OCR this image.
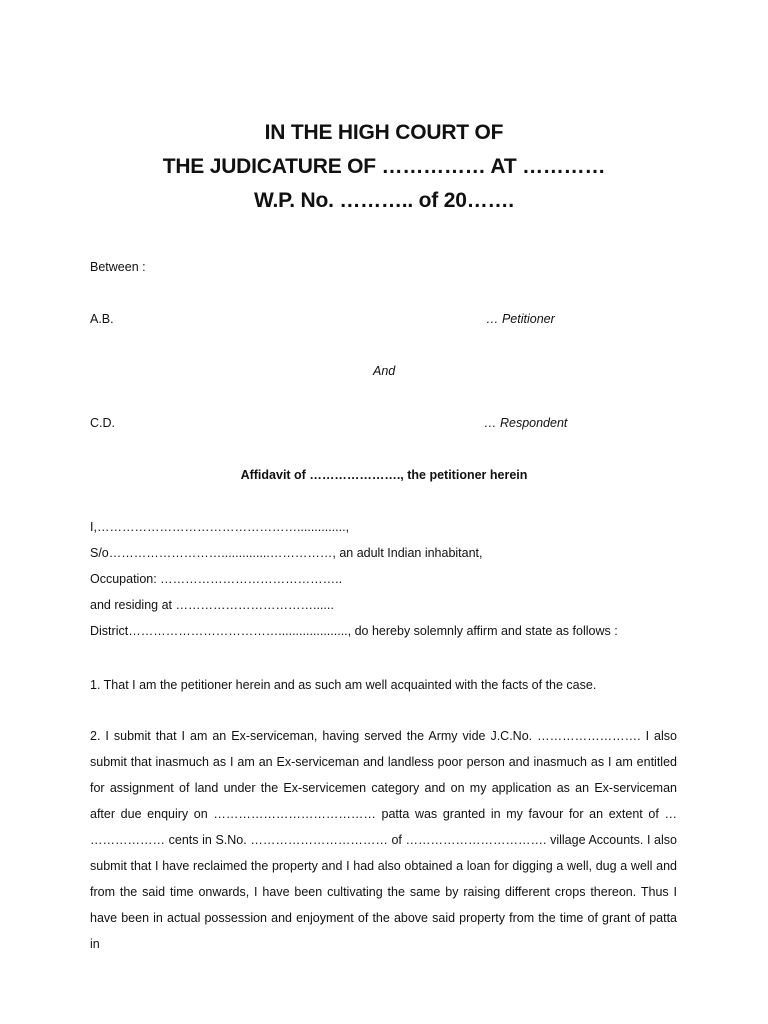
IN THE HIGH COURT OF
THE JUDICATURE OF …………… AT …………
W.P. No. ……….. of 20…….
Between :
A.B.	… Petitioner
And
C.D.	… Respondent
Affidavit of …………………., the petitioner herein
I,…………………………………………..............,
S/o………………………..............……………, an adult Indian inhabitant,
Occupation: ……………………………………..
and residing at ……………………………......
District………………………………...................., do hereby solemnly affirm and state as follows :
1. That I am the petitioner herein and as such am well acquainted with the facts of the case.
2. I submit that I am an Ex-serviceman, having served the Army vide J.C.No. ……………………. I also submit that inasmuch as I am an Ex-serviceman and landless poor person and inasmuch as I am entitled for assignment of land under the Ex-servicemen category and on my application as an Ex-serviceman after due enquiry on ………………………………… patta was granted in my favour for an extent of … ……………… cents in S.No. …………………………… of ……………………………. village Accounts. I also submit that I have reclaimed the property and I had also obtained a loan for digging a well, dug a well and from the said time onwards, I have been cultivating the same by raising different crops thereon. Thus I have been in actual possession and enjoyment of the above said property from the time of grant of patta in
